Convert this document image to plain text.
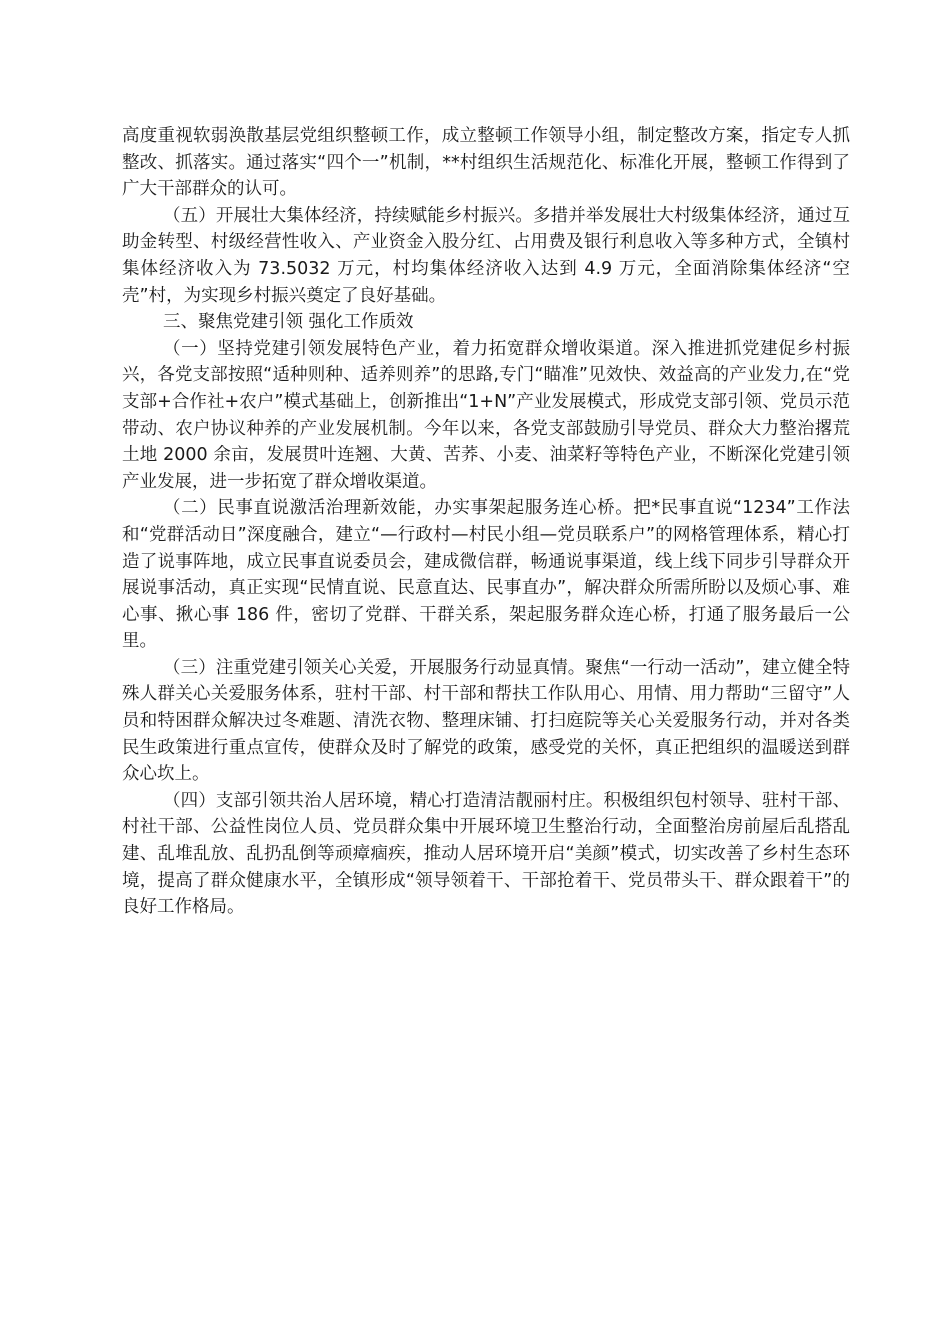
高度重视软弱涣散基层党组织整顿工作，成立整顿工作领导小组，制定整改方案，指定专人抓整改、抓落实。通过落实“四个一”机制，**村组织生活规范化、标准化开展，整顿工作得到了广大干部群众的认可。

（五）开展壮大集体经济，持续赋能乡村振兴。多措并举发展壮大村级集体经济，通过互助金转型、村级经营性收入、产业资金入股分红、占用费及银行利息收入等多种方式，全镇村集体经济收入为 73.5032 万元，村均集体经济收入达到 4.9 万元，全面消除集体经济“空壳”村，为实现乡村振兴奠定了良好基础。

三、聚焦党建引领 强化工作质效

（一）坚持党建引领发展特色产业，着力拓宽群众增收渠道。深入推进抓党建促乡村振兴，各党支部按照“适种则种、适养则养”的思路,专门“瞄准”见效快、效益高的产业发力,在“党支部+合作社+农户”模式基础上，创新推出“1+N”产业发展模式，形成党支部引领、党员示范带动、农户协议种养的产业发展机制。今年以来，各党支部鼓励引导党员、群众大力整治撂荒土地 2000 余亩，发展贯叶连翘、大黄、苦荞、小麦、油菜籽等特色产业，不断深化党建引领产业发展，进一步拓宽了群众增收渠道。

（二）民事直说激活治理新效能，办实事架起服务连心桥。把*民事直说“1234”工作法和“党群活动日”深度融合，建立“—行政村—村民小组—党员联系户”的网格管理体系，精心打造了说事阵地，成立民事直说委员会，建成微信群，畅通说事渠道，线上线下同步引导群众开展说事活动，真正实现“民情直说、民意直达、民事直办”，解决群众所需所盼以及烦心事、难心事、揪心事 186 件，密切了党群、干群关系，架起服务群众连心桥，打通了服务最后一公里。

（三）注重党建引领关心关爱，开展服务行动显真情。聚焦“一行动一活动”，建立健全特殊人群关心关爱服务体系，驻村干部、村干部和帮扶工作队用心、用情、用力帮助“三留守”人员和特困群众解决过冬难题、清洗衣物、整理床铺、打扫庭院等关心关爱服务行动，并对各类民生政策进行重点宣传，使群众及时了解党的政策，感受党的关怀，真正把组织的温暖送到群众心坎上。

（四）支部引领共治人居环境，精心打造清洁靓丽村庄。积极组织包村领导、驻村干部、村社干部、公益性岗位人员、党员群众集中开展环境卫生整治行动，全面整治房前屋后乱搭乱建、乱堆乱放、乱扔乱倒等顽瘴痼疾，推动人居环境开启“美颜”模式，切实改善了乡村生态环境，提高了群众健康水平，全镇形成“领导领着干、干部抢着干、党员带头干、群众跟着干”的良好工作格局。
